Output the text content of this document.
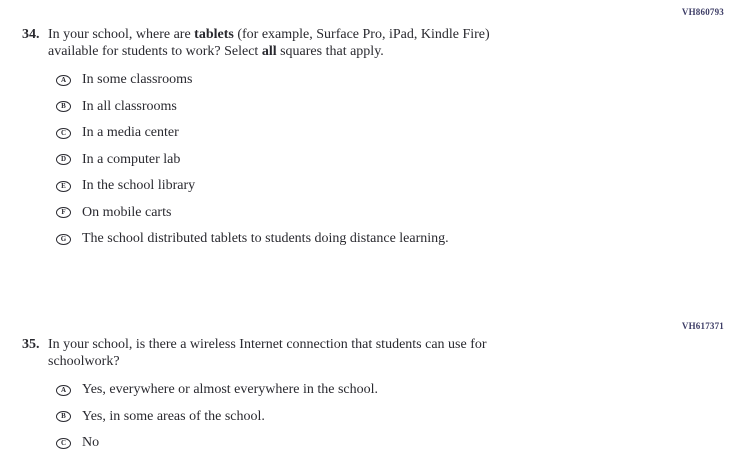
VH860793
34. In your school, where are tablets (for example, Surface Pro, iPad, Kindle Fire)
available for students to work? Select all squares that apply.
A	In some classrooms
B	In all classrooms
C	In a media center
D	In a computer lab
E	In the school library
F	On mobile carts
G	The school distributed tablets to students doing distance learning.
VH617371
35. In your school, is there a wireless Internet connection that students can use for
schoolwork?
A	Yes, everywhere or almost everywhere in the school.
B	Yes, in some areas of the school.
C	No
